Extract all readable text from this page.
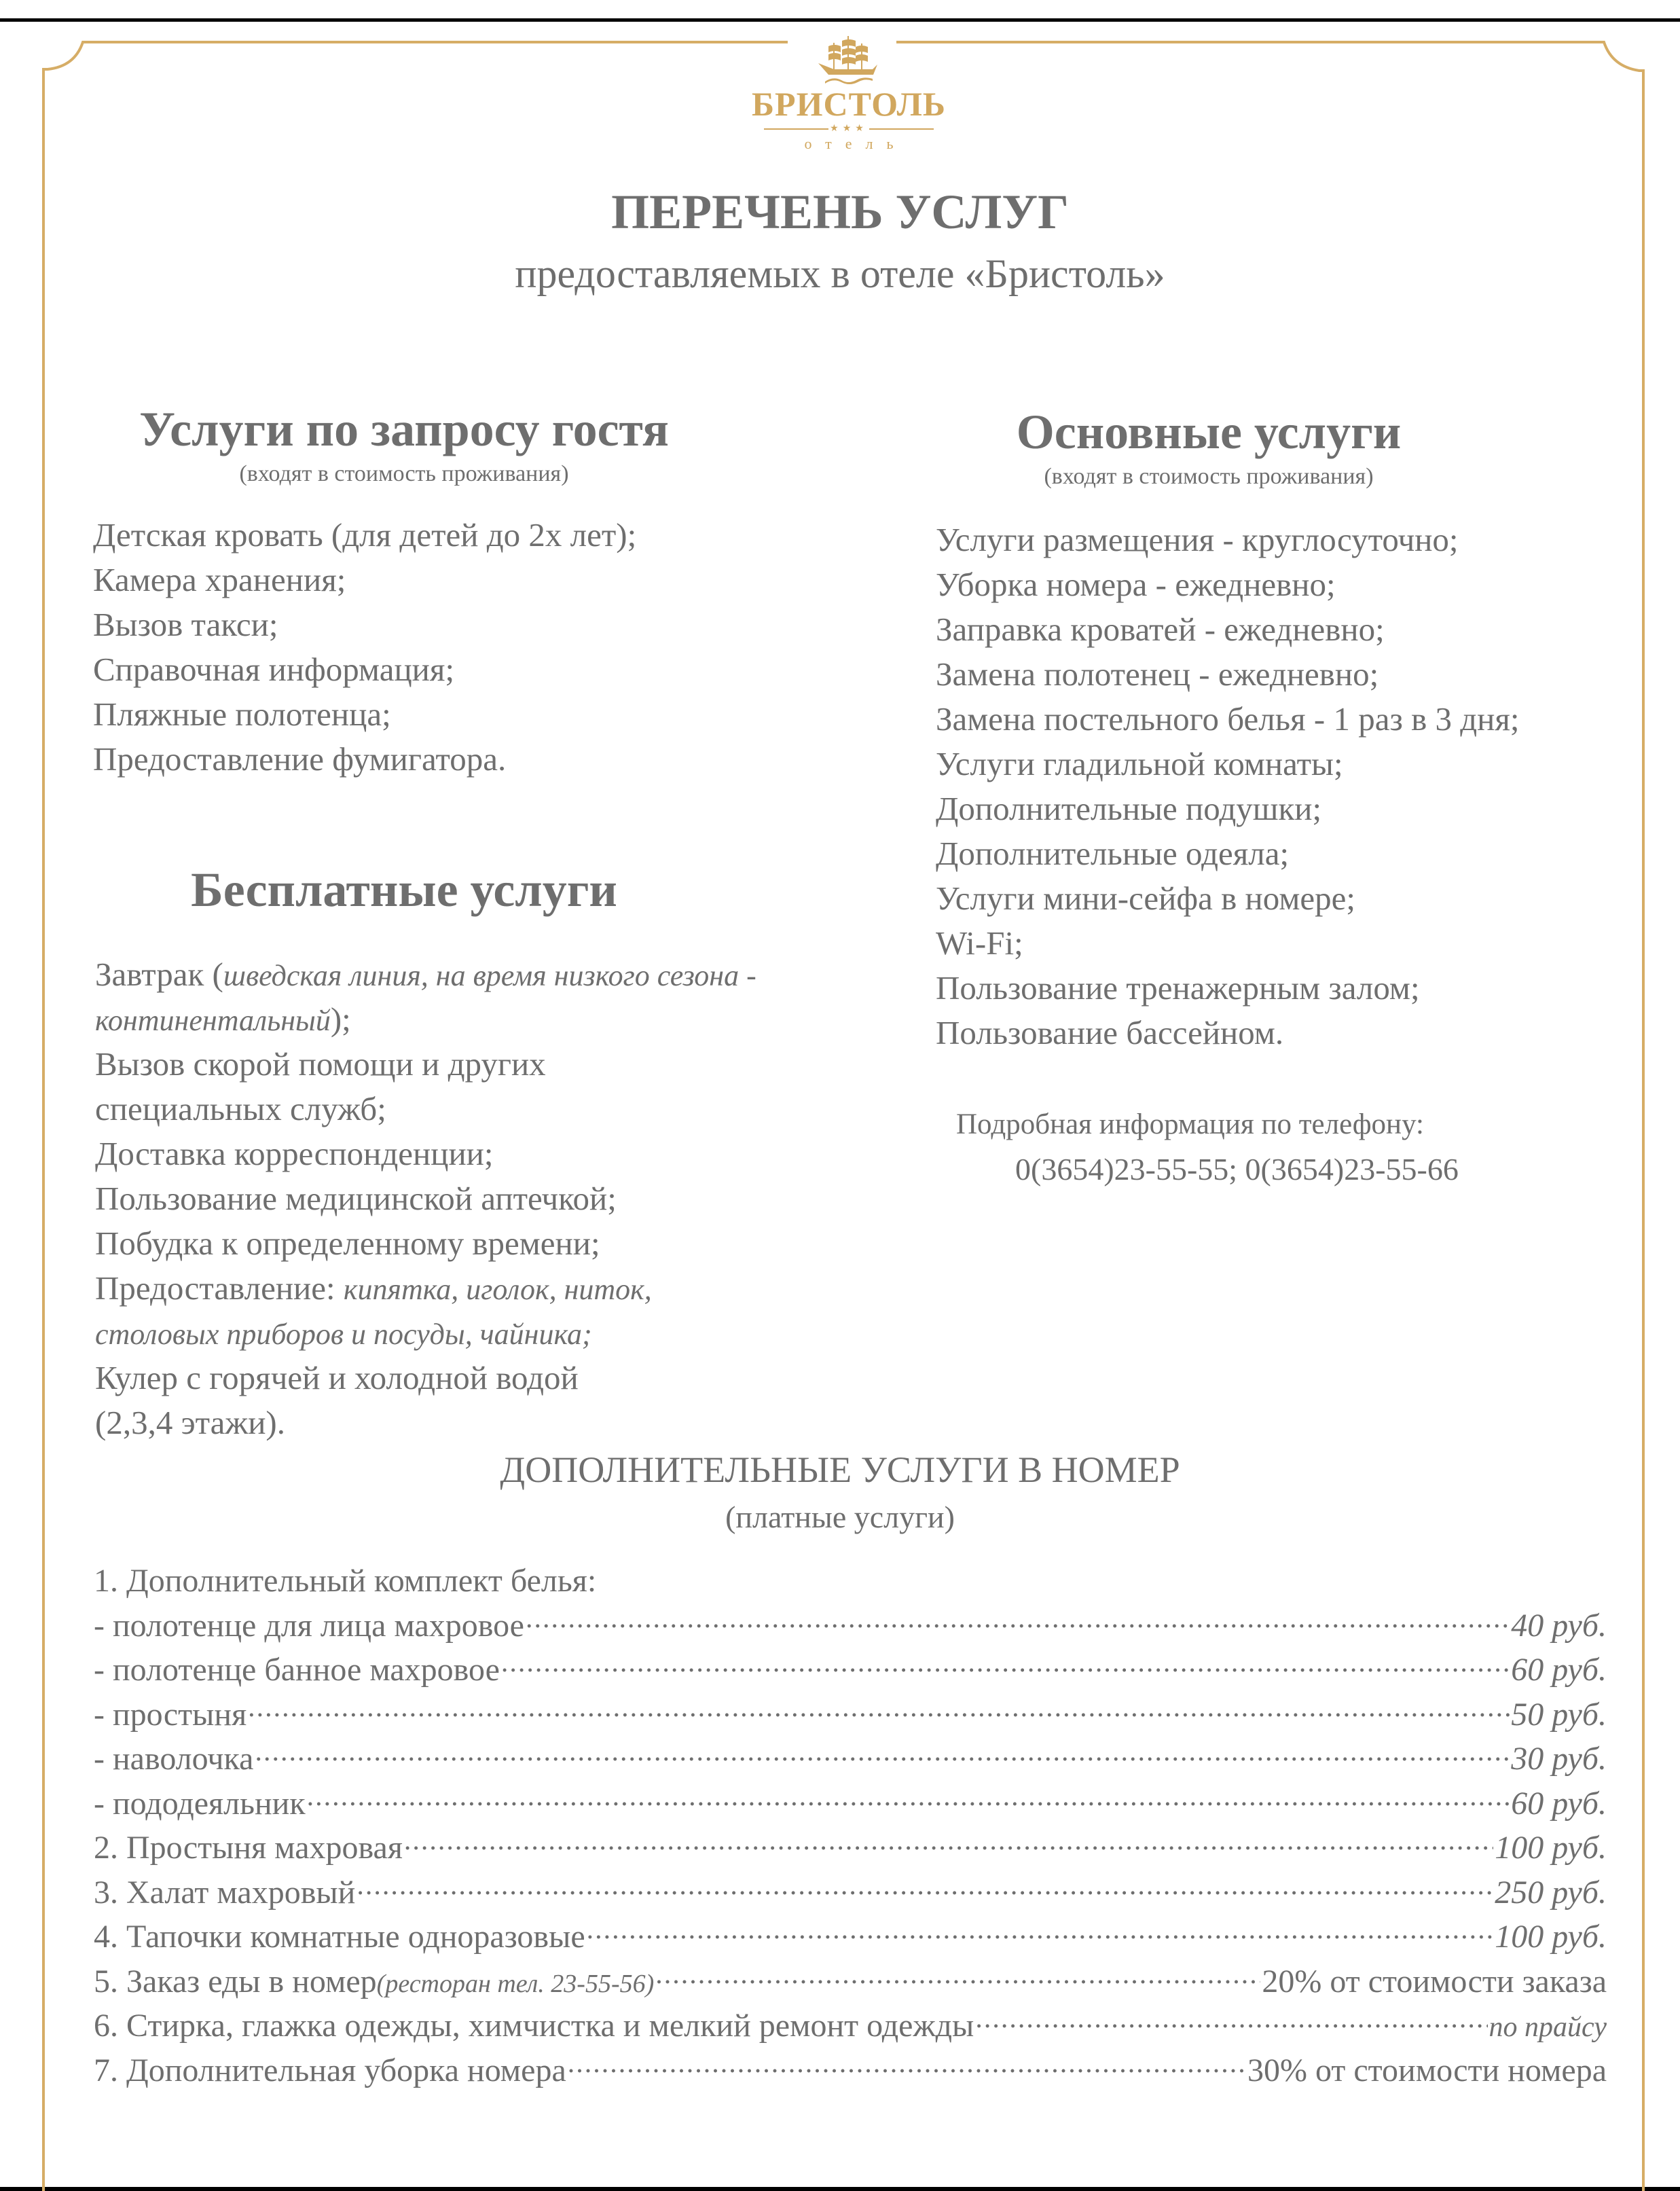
БРИСТОЛЬ
★★★
отель
ПЕРЕЧЕНЬ УСЛУГ
предоставляемых в отеле «Бристоль»
Услуги по запросу гостя
(входят в стоимость проживания)
Детская кровать (для детей до 2х лет);
Камера хранения;
Вызов такси;
Справочная информация;
Пляжные полотенца;
Предоставление фумигатора.
Бесплатные услуги
Завтрак (шведская линия, на время низкого сезона -
континентальный);
Вызов скорой помощи и других
специальных служб;
Доставка корреспонденции;
Пользование медицинской аптечкой;
Побудка к определенному времени;
Предоставление: кипятка, иголок, ниток,
столовых приборов и посуды, чайника;
Кулер с горячей и холодной водой
(2,3,4 этажи).
Основные услуги
(входят в стоимость проживания)
Услуги размещения - круглосуточно;
Уборка номера - ежедневно;
Заправка кроватей - ежедневно;
Замена полотенец - ежедневно;
Замена постельного белья - 1 раз в 3 дня;
Услуги гладильной комнаты;
Дополнительные подушки;
Дополнительные одеяла;
Услуги мини-сейфа в номере;
Wi-Fi;
Пользование тренажерным залом;
Пользование бассейном.
Подробная информация по телефону:
0(3654)23-55-55; 0(3654)23-55-66
ДОПОЛНИТЕЛЬНЫЕ УСЛУГИ В НОМЕР
(платные услуги)
1. Дополнительный комплект белья:
- полотенце для лица махровое .....	40 руб.
- полотенце банное махровое .....	60 руб.
- простыня .....	50 руб.
- наволочка .....	30 руб.
- пододеяльник .....	60 руб.
2. Простыня махровая .....	100 руб.
3. Халат махровый .....	250 руб.
4. Тапочки комнатные одноразовые .....	100 руб.
5. Заказ еды в номер (ресторан тел. 23-55-56) .....	20% от стоимости заказа
6. Стирка, глажка одежды, химчистка и мелкий ремонт одежды .....	по прайсу
7. Дополнительная уборка номера .....	30% от стоимости номера
